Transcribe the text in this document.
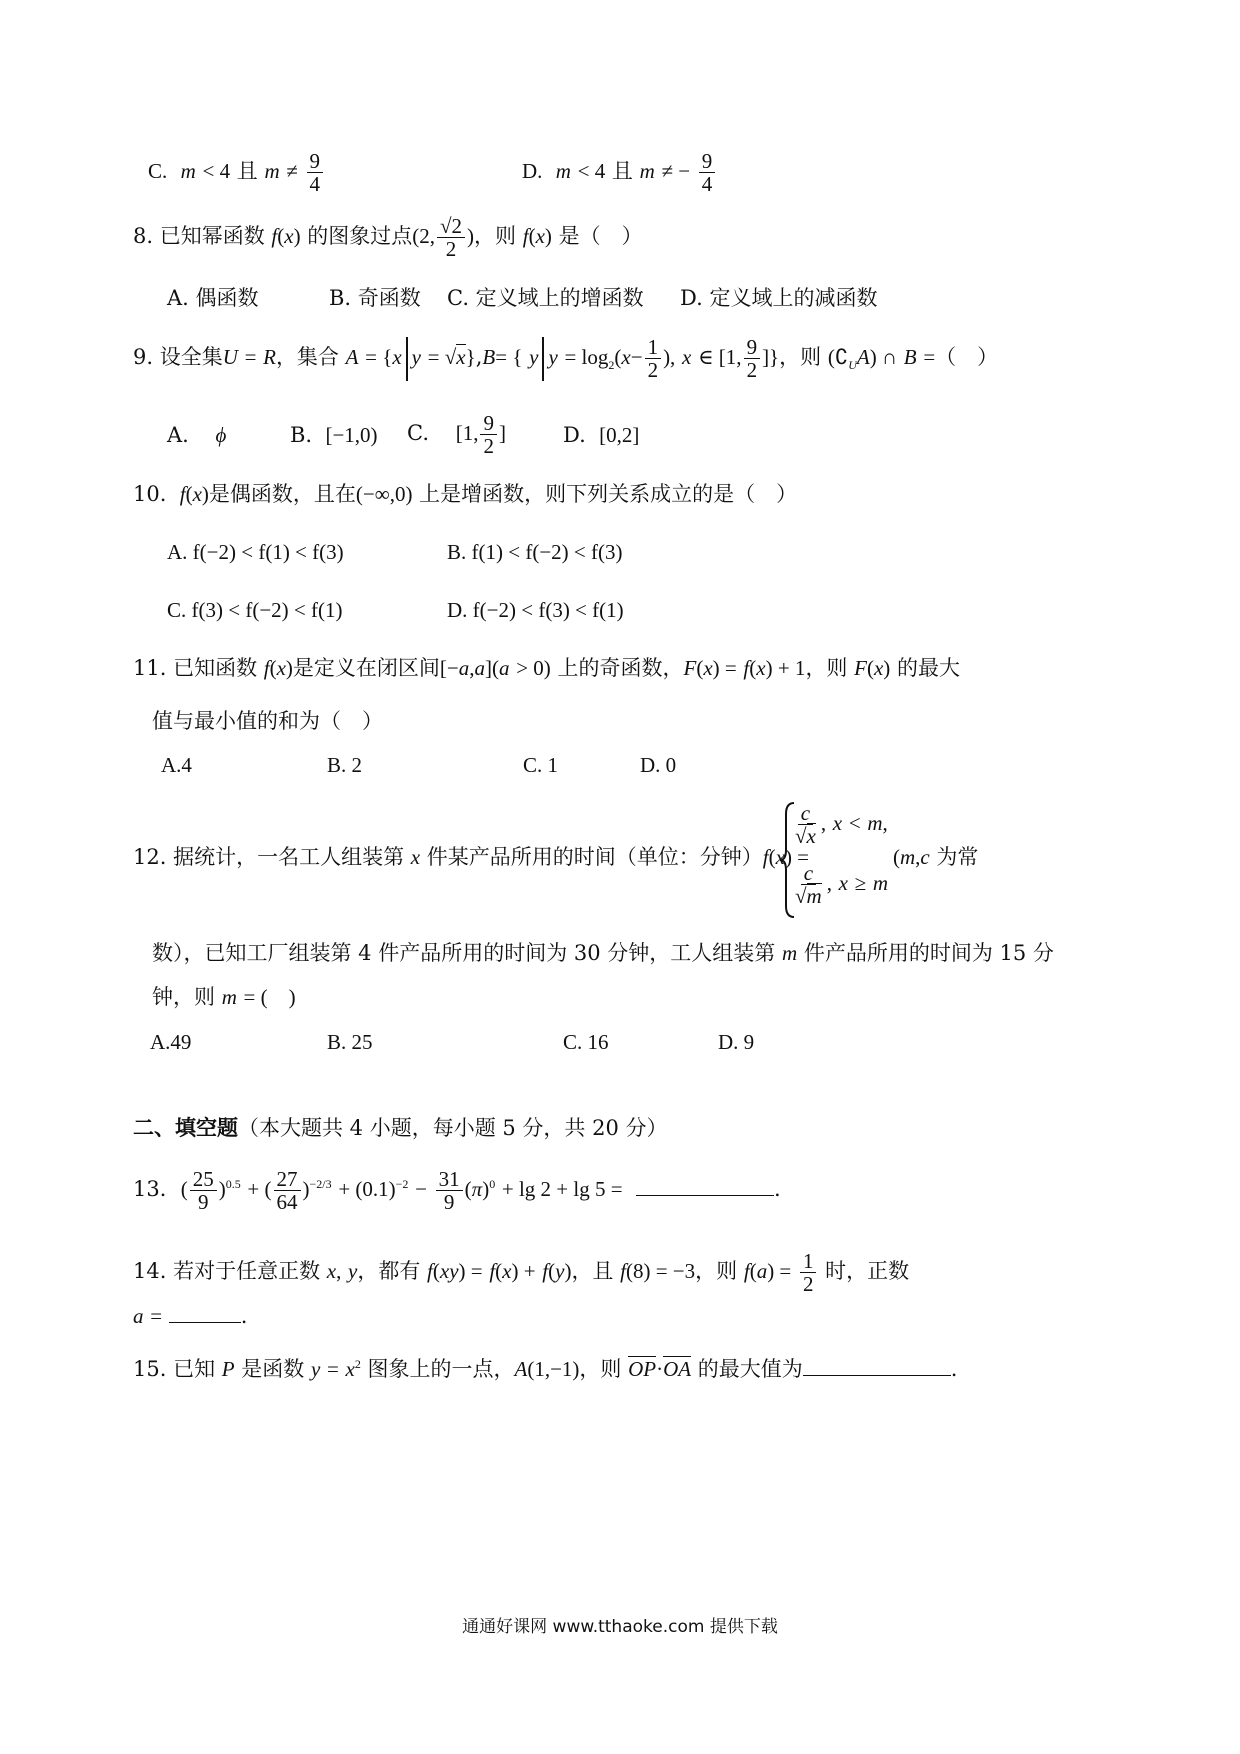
C. m < 4 且 $m \ne \frac{9}{4}$	D. m < 4 且 m ≠ − $\frac{9}{4}$
8. 已知幂函数 f(x) 的图象过点(2, $\frac{√2}{2}$ )，则 f(x) 是（　）
A. 偶函数	B. 奇函数 C. 定义域上的增函数 D. 定义域上的减函数
9. 设全集U = R，集合 A = {x y = √x},B= { y $y = \log_2(x- \frac{1}{2}$ ), x ∈ [1, $\frac{9}{2}$ ]}，则 $(∁_UA)$ ∩ B =（　）
A.    ϕ	B.  [−1,0) C.    [1, $\frac{9}{2}$ ]	D.  [0,2]
10.  f(x)是偶函数，且在(−∞,0) 上是增函数，则下列关系成立的是（　）
A. f(−2) < f(1) < f(3)	B. f(1) < f(−2) < f(3)
C. f(3) < f(−2) < f(1)	D. f(−2) < f(3) < f(1)
11. 已知函数 f(x)是定义在闭区间[−a,a](a > 0) 上的奇函数，F(x) = f(x) + 1，则 F(x) 的最大
值与最小值的和为（　）
A.4	B. 2	C. 1	D. 0
12. 据统计，一名工人组装第 x 件某产品所用的时间（单位：分钟）f(x) =
$\frac{c}{√x}$ , x < m,
$\frac{c}{√m}$ , x ≥ m
(m,c 为常
数），已知工厂组装第 4 件产品所用的时间为 30 分钟，工人组装第 m 件产品所用的时间为 15 分
钟，则 m = (　)
A.49	B. 25	C. 16	D. 9
二、填空题（本大题共 4 小题，每小题 5 分，共 20 分）
13．( $\frac{25}{9} )^{0.5}$ + ( $\frac{27}{64} )^{-2/3} + (0.1)^{-2} - \frac{31}{9} (\pi)^0 + \lg 2 + \lg 5$ =	.
14. 若对于任意正数 x, y，都有 f(xy) = f(x) + f(y)，且 f(8) = −3，则 $f(a) = \frac{1}{2}$ 时，正数
a =	.
15. 已知 P 是函数 $y = x^2$ 图象上的一点，A(1,−1)，则 OP·OA 的最大值为	.
通通好课网 www.tthaoke.com 提供下载
